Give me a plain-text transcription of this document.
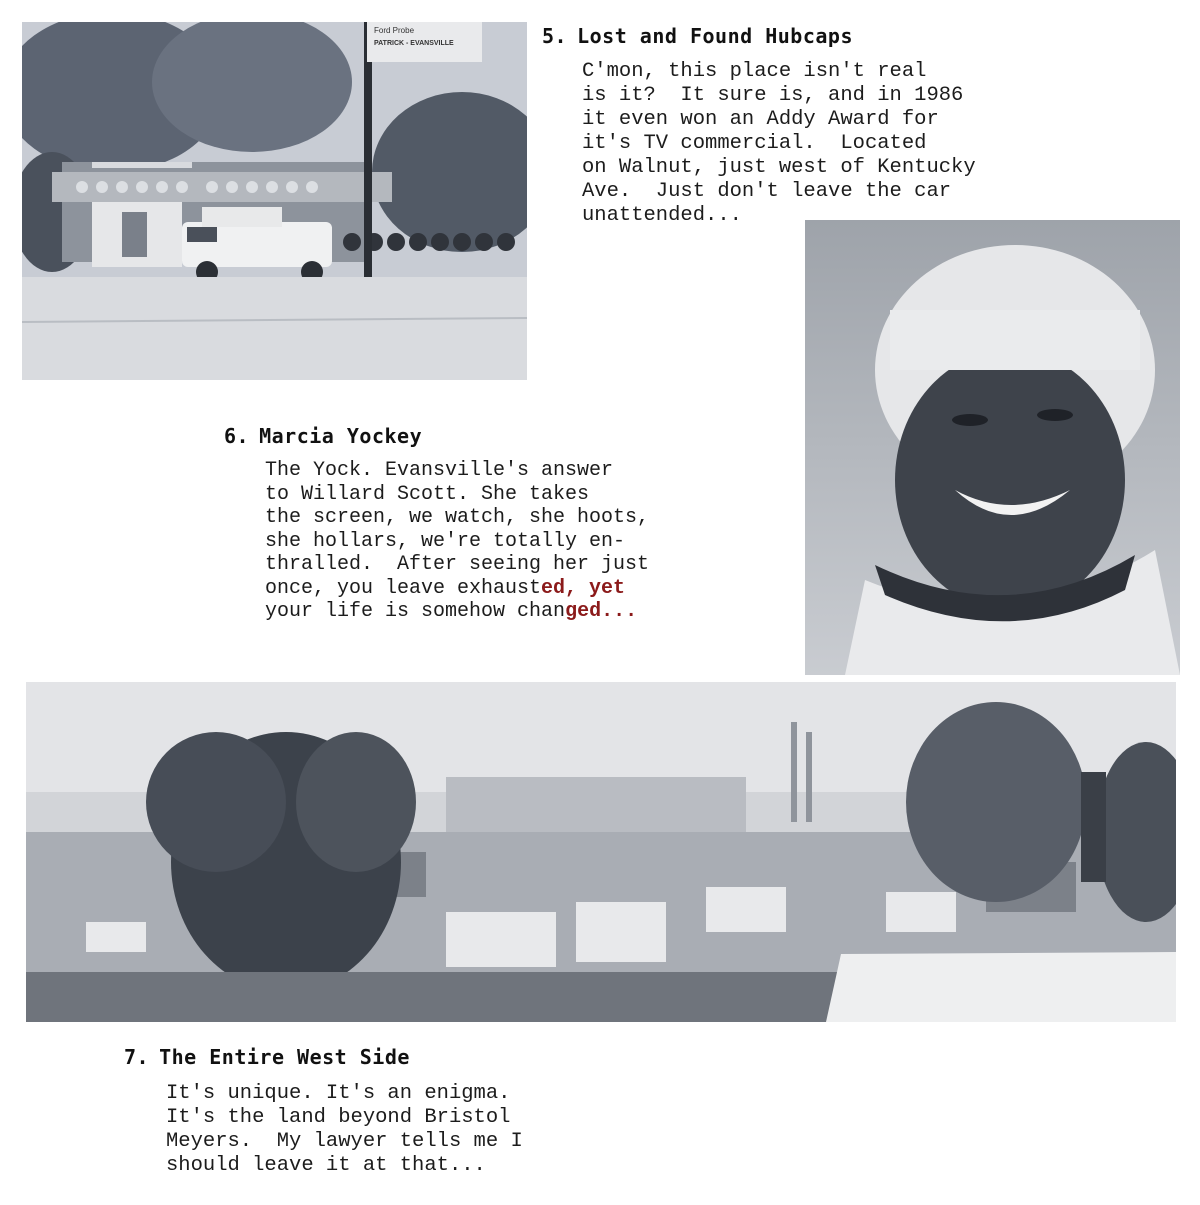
Ford Probe
PATRICK - EVANSVILLE	5. Lost and Found Hubcaps
C'mon, this place isn't real
is it?  It sure is, and in 1986
it even won an Addy Award for
it's TV commercial.  Located
on Walnut, just west of Kentucky
Ave.  Just don't leave the car
unattended...
6. Marcia Yockey
The Yock. Evansville's answer
to Willard Scott. She takes
the screen, we watch, she hoots,
she hollars, we're totally en-
thralled.  After seeing her just
once, you leave exhausted, yet
your life is somehow changed...
7. The Entire West Side
It's unique. It's an enigma.
It's the land beyond Bristol
Meyers.  My lawyer tells me I
should leave it at that...
